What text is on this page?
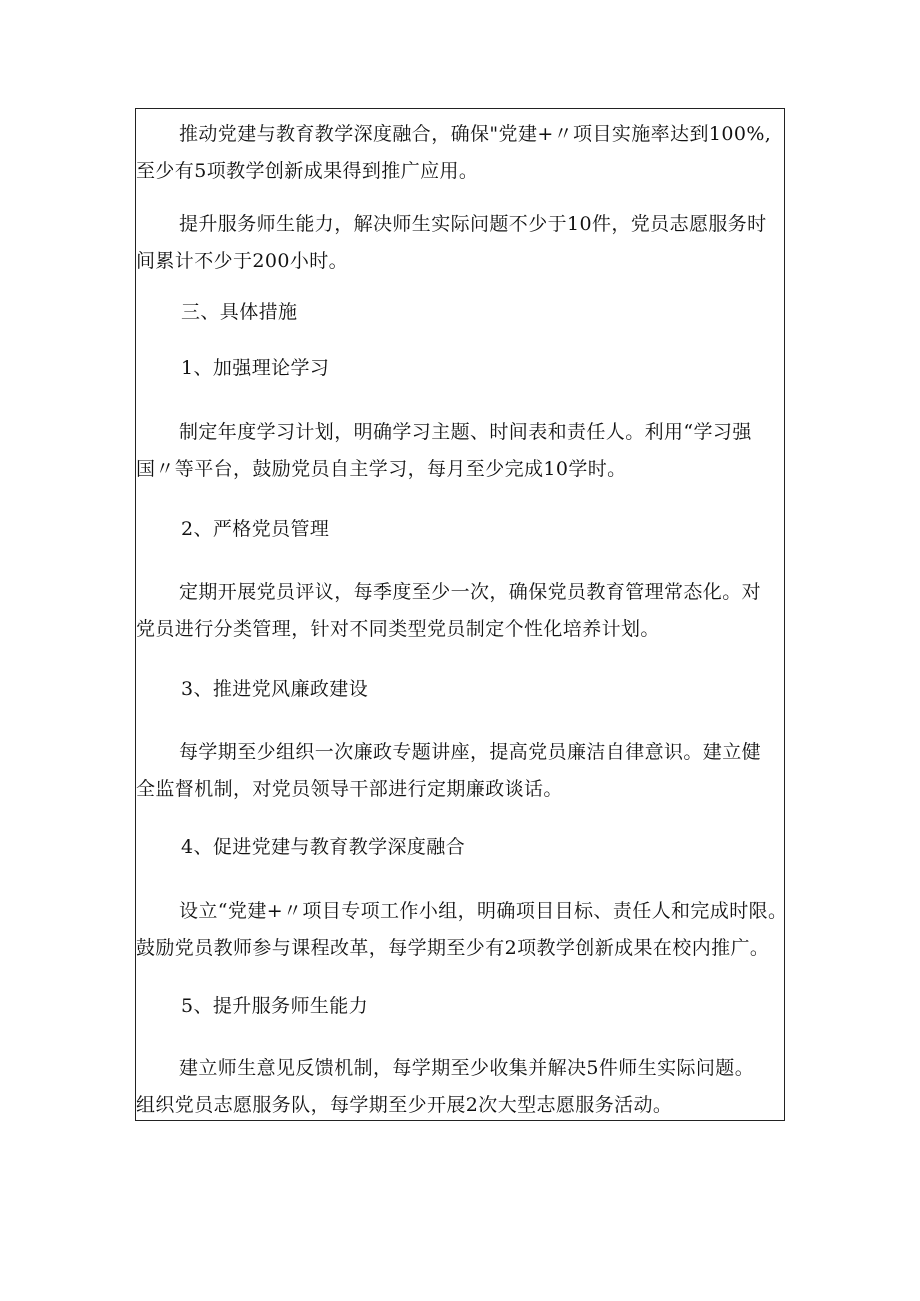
推动党建与教育教学深度融合，确保"党建+〃项目实施率达到100%,
至少有5项教学创新成果得到推广应用。
提升服务师生能力，解决师生实际问题不少于10件，党员志愿服务时
间累计不少于200小时。
三、具体措施
1、加强理论学习
制定年度学习计划，明确学习主题、时间表和责任人。利用“学习强
国〃等平台，鼓励党员自主学习，每月至少完成10学时。
2、严格党员管理
定期开展党员评议，每季度至少一次，确保党员教育管理常态化。对
党员进行分类管理，针对不同类型党员制定个性化培养计划。
3、推进党风廉政建设
每学期至少组织一次廉政专题讲座，提高党员廉洁自律意识。建立健
全监督机制，对党员领导干部进行定期廉政谈话。
4、促进党建与教育教学深度融合
设立“党建+〃项目专项工作小组，明确项目目标、责任人和完成时限。
鼓励党员教师参与课程改革，每学期至少有2项教学创新成果在校内推广。
5、提升服务师生能力
建立师生意见反馈机制，每学期至少收集并解决5件师生实际问题。
组织党员志愿服务队，每学期至少开展2次大型志愿服务活动。
